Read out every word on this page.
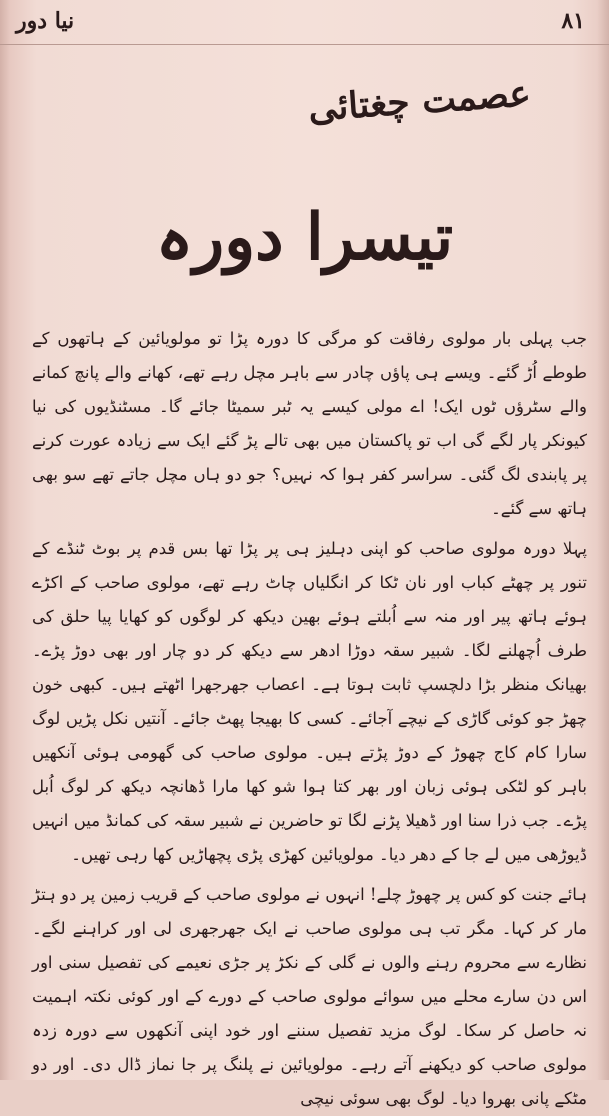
نیا دور	۸۱
عصمت چغتائی
تیسرا دورہ

جب پہلی بار مولوی رفاقت کو مرگی کا دورہ پڑا تو مولویائین کے ہاتھوں کے طوطے اُڑ گئے۔ ویسے ہی پاؤں چادر سے باہر مچل رہے تھے، کھانے والے پانچ کمانے والے سٹرؤں ٹوں ایک! اے مولی کیسے یہ ٹبر سمیٹا جائے گا۔ مسٹنڈیوں کی نیا کیونکر پار لگے گی اب تو پاکستان میں بھی تالے پڑ گئے ایک سے زیادہ عورت کرنے پر پابندی لگ گئی۔ سراسر کفر ہوا کہ نہیں؟ جو دو ہاں مچل جاتے تھے سو بھی ہاتھ سے گئے۔

پہلا دورہ مولوی صاحب کو اپنی دہلیز ہی پر پڑا تھا بس قدم پر بوٹ ٹنڈے کے تنور پر چھٹے کباب اور نان ٹکا کر انگلیاں چاٹ رہے تھے، مولوی صاحب کے اکڑے ہوئے ہاتھ پیر اور منہ سے اُبلتے ہوئے بھین دیکھ کر لوگوں کو کھایا پیا حلق کی طرف اُچھلنے لگا۔ شبیر سقہ دوڑا ادھر سے دیکھ کر دو چار اور بھی دوڑ پڑے۔ بھیانک منظر بڑا دلچسپ ثابت ہوتا ہے۔ اعصاب جھرجھرا اٹھتے ہیں۔ کبھی خون چھڑ جو کوئی گاڑی کے نیچے آجائے۔ کسی کا بھیجا پھٹ جائے۔ آنتیں نکل پڑیں لوگ سارا کام کاج چھوڑ کے دوڑ پڑتے ہیں۔ مولوی صاحب کی گھومی ہوئی آنکھیں باہر کو لٹکی ہوئی زبان اور بھر کتا ہوا شو کھا مارا ڈھانچہ دیکھ کر لوگ اُبل پڑے۔ جب ذرا سنا اور ڈھیلا پڑنے لگا تو حاضرین نے شبیر سقہ کی کمانڈ میں انہیں ڈیوڑھی میں لے جا کے دھر دیا۔ مولویائین کھڑی پڑی پچھاڑیں کھا رہی تھیں۔

ہائے جنت کو کس پر چھوڑ چلے! انہوں نے مولوی صاحب کے قریب زمین پر دو ہتڑ مار کر کہا۔ مگر تب ہی مولوی صاحب نے ایک جھرجھری لی اور کراہنے لگے۔ نظارے سے محروم رہنے والوں نے گلی کے نکڑ پر جڑی نعیمے کی تفصیل سنی اور اس دن سارے محلے میں سوائے مولوی صاحب کے دورے کے اور کوئی نکتہ اہمیت نہ حاصل کر سکا۔ لوگ مزید تفصیل سننے اور خود اپنی آنکھوں سے دورہ زدہ مولوی صاحب کو دیکھنے آتے رہے۔ مولویائین نے پلنگ پر جا نماز ڈال دی۔ اور دو مٹکے پانی بھروا دیا۔ لوگ بھی سوئی نیچی
